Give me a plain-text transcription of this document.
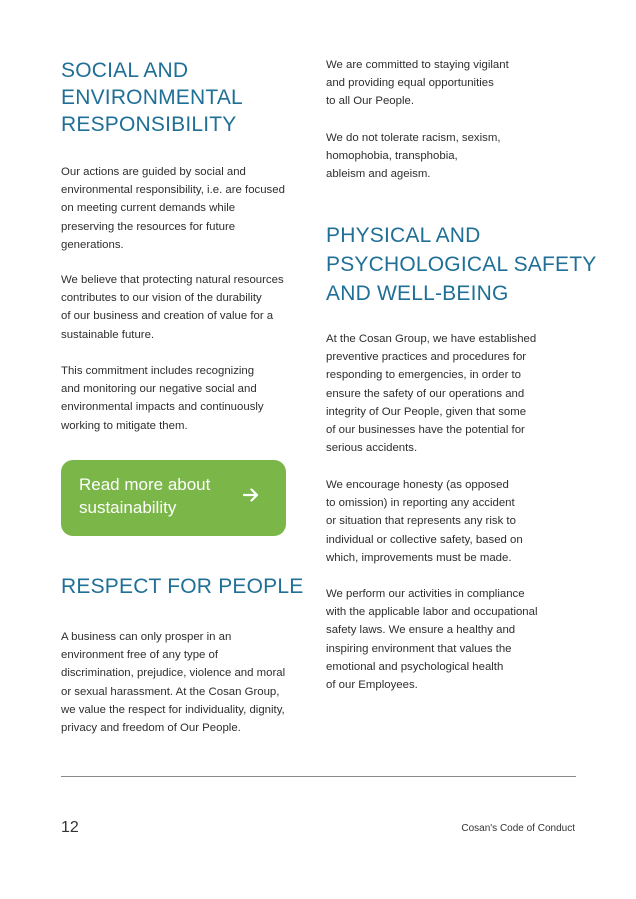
SOCIAL AND
ENVIRONMENTAL
RESPONSIBILITY

Our actions are guided by social and
environmental responsibility, i.e. are focused
on meeting current demands while
preserving the resources for future
generations.

We believe that protecting natural resources
contributes to our vision of the durability
of our business and creation of value for a
sustainable future.

This commitment includes recognizing
and monitoring our negative social and
environmental impacts and continuously
working to mitigate them.

RESPECT FOR PEOPLE

A business can only prosper in an
environment free of any type of
discrimination, prejudice, violence and moral
or sexual harassment. At the Cosan Group,
we value the respect for individuality, dignity,
privacy and freedom of Our People.

Read more about
sustainability

We are committed to staying vigilant
and providing equal opportunities
to all Our People.

We do not tolerate racism, sexism,
homophobia, transphobia,
ableism and ageism.

PHYSICAL AND
PSYCHOLOGICAL SAFETY
AND WELL-BEING

At the Cosan Group, we have established
preventive practices and procedures for
responding to emergencies, in order to
ensure the safety of our operations and
integrity of Our People, given that some
of our businesses have the potential for
serious accidents.

We encourage honesty (as opposed
to omission) in reporting any accident
or situation that represents any risk to
individual or collective safety, based on
which, improvements must be made.

We perform our activities in compliance
with the applicable labor and occupational
safety laws. We ensure a healthy and
inspiring environment that values the
emotional and psychological health
of our Employees.

12	Cosan's Code of Conduct
